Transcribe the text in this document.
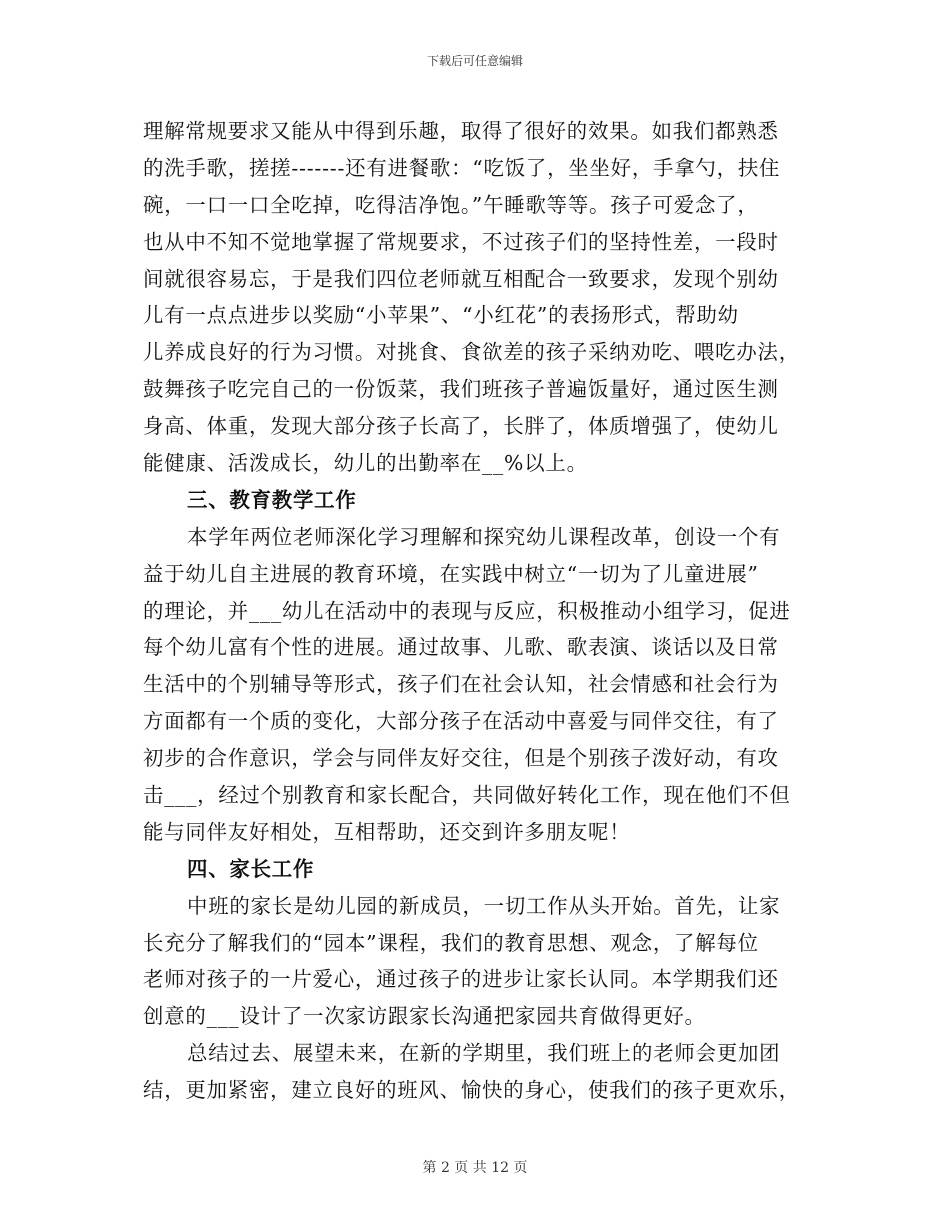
下载后可任意编辑
理解常规要求又能从中得到乐趣，取得了很好的效果。如我们都熟悉
的洗手歌，搓搓-------还有进餐歌：“吃饭了，坐坐好，手拿勺，扶住
碗，一口一口全吃掉，吃得洁净饱。”午睡歌等等。孩子可爱念了，
也从中不知不觉地掌握了常规要求，不过孩子们的坚持性差，一段时
间就很容易忘，于是我们四位老师就互相配合一致要求，发现个别幼
儿有一点点进步以奖励“小苹果”、“小红花”的表扬形式，帮助幼
儿养成良好的行为习惯。对挑食、食欲差的孩子采纳劝吃、喂吃办法，
鼓舞孩子吃完自己的一份饭菜，我们班孩子普遍饭量好，通过医生测
身高、体重，发现大部分孩子长高了，长胖了，体质增强了，使幼儿
能健康、活泼成长，幼儿的出勤率在__%以上。
三、教育教学工作
本学年两位老师深化学习理解和探究幼儿课程改革，创设一个有
益于幼儿自主进展的教育环境，在实践中树立“一切为了儿童进展”
的理论，并___幼儿在活动中的表现与反应，积极推动小组学习，促进
每个幼儿富有个性的进展。通过故事、儿歌、歌表演、谈话以及日常
生活中的个别辅导等形式，孩子们在社会认知，社会情感和社会行为
方面都有一个质的变化，大部分孩子在活动中喜爱与同伴交往，有了
初步的合作意识，学会与同伴友好交往，但是个别孩子泼好动，有攻
击___，经过个别教育和家长配合，共同做好转化工作，现在他们不但
能与同伴友好相处，互相帮助，还交到许多朋友呢！
四、家长工作
中班的家长是幼儿园的新成员，一切工作从头开始。首先，让家
长充分了解我们的“园本”课程，我们的教育思想、观念，了解每位
老师对孩子的一片爱心，通过孩子的进步让家长认同。本学期我们还
创意的___设计了一次家访跟家长沟通把家园共育做得更好。
总结过去、展望未来，在新的学期里，我们班上的老师会更加团
结，更加紧密，建立良好的班风、愉快的身心，使我们的孩子更欢乐，
第 2 页 共 12 页
